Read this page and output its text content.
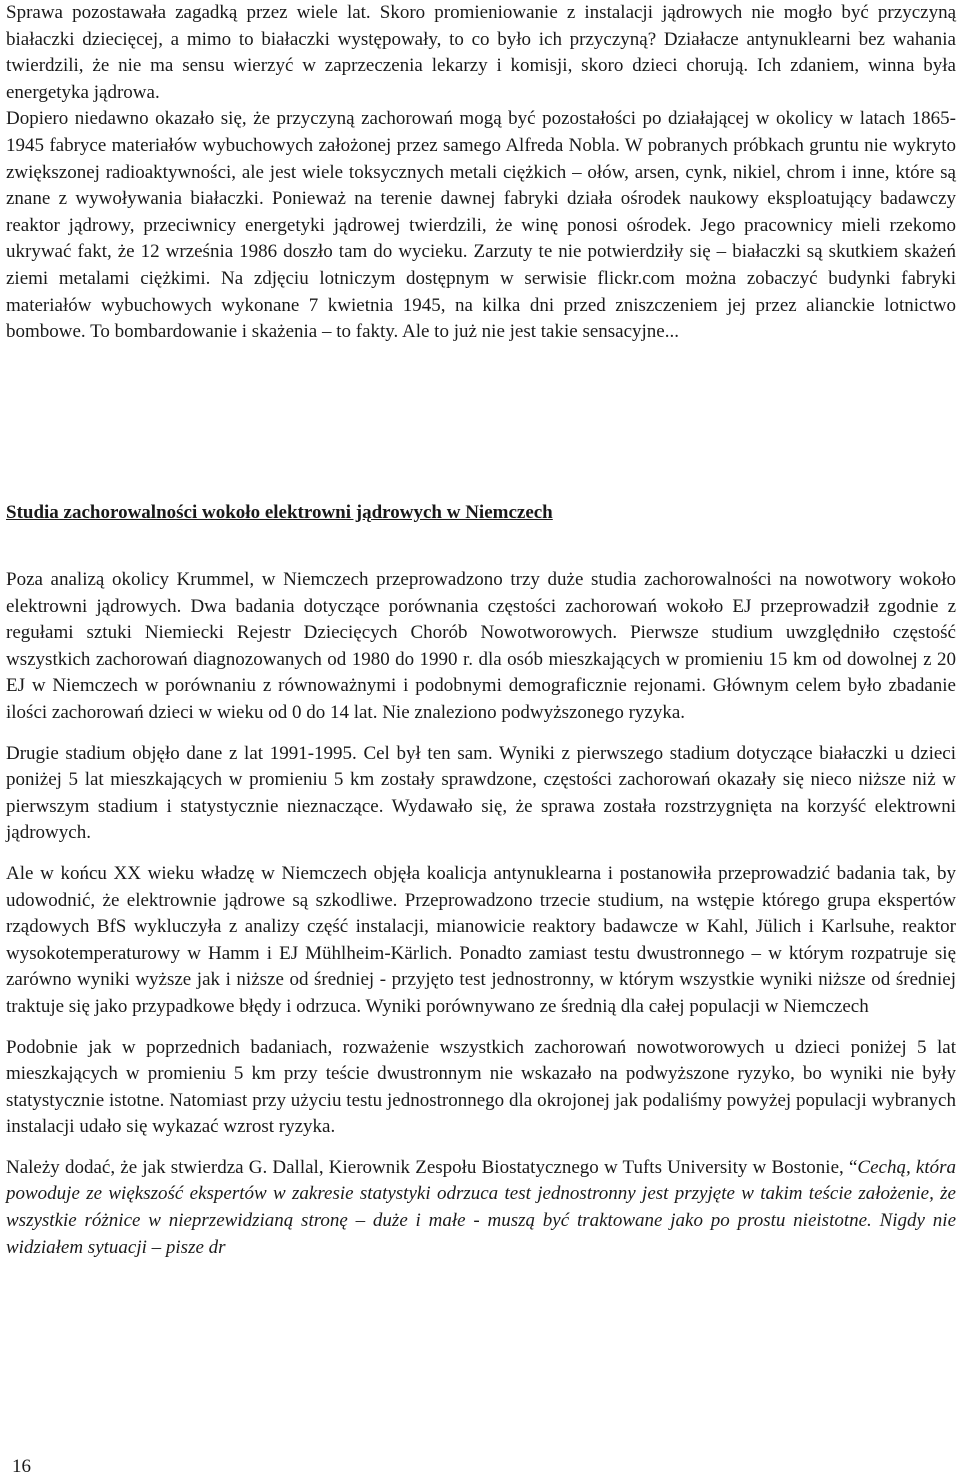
Sprawa pozostawała zagadką przez wiele lat. Skoro promieniowanie z instalacji jądrowych nie mogło być przyczyną białaczki dziecięcej, a mimo to białaczki występowały, to co było ich przyczyną? Działacze antynuklearni bez wahania twierdzili, że nie ma sensu wierzyć w zaprzeczenia lekarzy i komisji, skoro dzieci chorują. Ich zdaniem, winna była energetyka jądrowa.

Dopiero niedawno okazało się, że przyczyną zachorowań mogą być pozostałości po działającej w okolicy w latach 1865-1945 fabryce materiałów wybuchowych założonej przez samego Alfreda Nobla. W pobranych próbkach gruntu nie wykryto zwiększonej radioaktywności, ale jest wiele toksycznych metali ciężkich – ołów, arsen, cynk, nikiel, chrom i inne, które są znane z wywoływania białaczki. Ponieważ na terenie dawnej fabryki działa ośrodek naukowy eksploatujący badawczy reaktor jądrowy, przeciwnicy energetyki jądrowej twierdzili, że winę ponosi ośrodek. Jego pracownicy mieli rzekomo ukrywać fakt, że 12 września 1986 doszło tam do wycieku. Zarzuty te nie potwierdziły się – białaczki są skutkiem skażeń ziemi metalami ciężkimi. Na zdjęciu lotniczym dostępnym w serwisie flickr.com można zobaczyć budynki fabryki materiałów wybuchowych wykonane 7 kwietnia 1945, na kilka dni przed zniszczeniem jej przez alianckie lotnictwo bombowe. To bombardowanie i skażenia – to fakty. Ale to już nie jest takie sensacyjne...

Studia zachorowalności wokoło elektrowni jądrowych w Niemczech

Poza analizą okolicy Krummel, w Niemczech przeprowadzono trzy duże studia zachorowalności na nowotwory wokoło elektrowni jądrowych. Dwa badania dotyczące porównania częstości zachorowań wokoło EJ przeprowadził zgodnie z regułami sztuki Niemiecki Rejestr Dziecięcych Chorób Nowotworowych. Pierwsze studium uwzględniło częstość wszystkich zachorowań diagnozowanych od 1980 do 1990 r. dla osób mieszkających w promieniu 15 km od dowolnej z 20 EJ w Niemczech w porównaniu z równoważnymi i podobnymi demograficznie rejonami. Głównym celem było zbadanie ilości zachorowań dzieci w wieku od 0 do 14 lat. Nie znaleziono podwyższonego ryzyka.

Drugie stadium objęło dane z lat 1991-1995. Cel był ten sam. Wyniki z pierwszego stadium dotyczące białaczki u dzieci poniżej 5 lat mieszkających w promieniu 5 km zostały sprawdzone, częstości zachorowań okazały się nieco niższe niż w pierwszym stadium i statystycznie nieznaczące. Wydawało się, że sprawa została rozstrzygnięta na korzyść elektrowni jądrowych.

Ale w końcu XX wieku władzę w Niemczech objęła koalicja antynuklearna i postanowiła przeprowadzić badania tak, by udowodnić, że elektrownie jądrowe są szkodliwe. Przeprowadzono trzecie studium, na wstępie którego grupa ekspertów rządowych BfS wykluczyła z analizy część instalacji, mianowicie reaktory badawcze w Kahl, Jülich i Karlsuhe, reaktor wysokotemperaturowy w Hamm i EJ Mühlheim-Kärlich. Ponadto zamiast testu dwustronnego – w którym rozpatruje się zarówno wyniki wyższe jak i niższe od średniej - przyjęto test jednostronny, w którym wszystkie wyniki niższe od średniej traktuje się jako przypadkowe błędy i odrzuca. Wyniki porównywano ze średnią dla całej populacji w Niemczech

Podobnie jak w poprzednich badaniach, rozważenie wszystkich zachorowań nowotworowych u dzieci poniżej 5 lat mieszkających w promieniu 5 km przy teście dwustronnym nie wskazało na podwyższone ryzyko, bo wyniki nie były statystycznie istotne. Natomiast przy użyciu testu jednostronnego dla okrojonej jak podaliśmy powyżej populacji wybranych instalacji udało się wykazać wzrost ryzyka.

Należy dodać, że jak stwierdza G. Dallal, Kierownik Zespołu Biostatycznego w Tufts University w Bostonie, “Cechą, która powoduje ze większość ekspertów w zakresie statystyki odrzuca test jednostronny jest przyjęte w takim teście założenie, że wszystkie różnice w nieprzewidzianą stronę – duże i małe - muszą być traktowane jako po prostu nieistotne. Nigdy nie widziałem sytuacji – pisze dr

16
